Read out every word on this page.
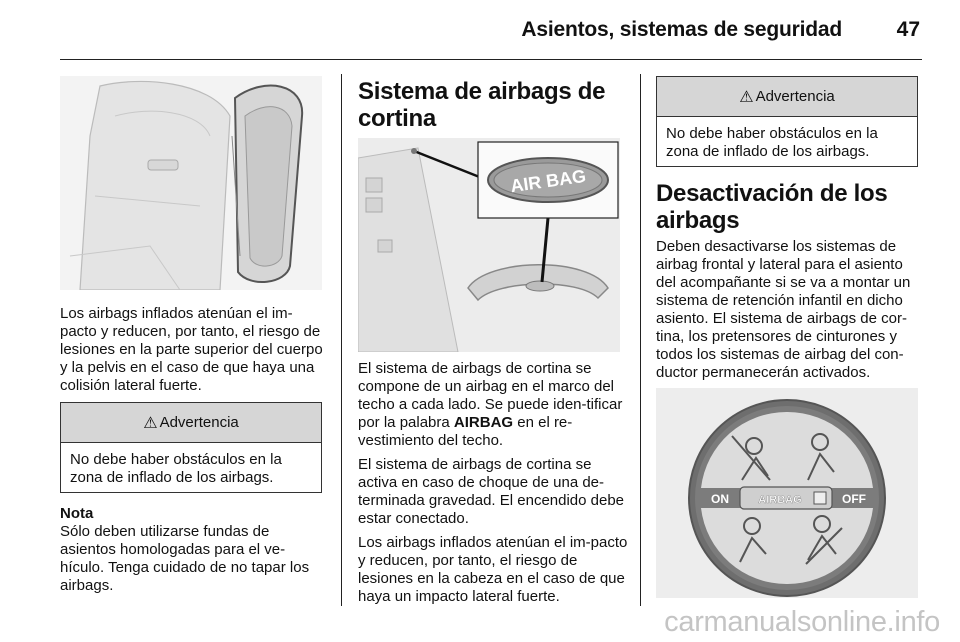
Asientos, sistemas de seguridad	47

Los airbags inflados atenúan el im-pacto y reducen, por tanto, el riesgo de lesiones en la parte superior del cuerpo y la pelvis en el caso de que haya una colisión lateral fuerte.

⚠ Advertencia
No debe haber obstáculos en la zona de inflado de los airbags.
Nota
Sólo deben utilizarse fundas de asientos homologadas para el ve-hículo. Tenga cuidado de no tapar los airbags.
Sistema de airbags de cortina
AIR BAG

El sistema de airbags de cortina se compone de un airbag en el marco del techo a cada lado. Se puede iden-tificar por la palabra AIRBAG en el re-vestimiento del techo.

El sistema de airbags de cortina se activa en caso de choque de una de-terminada gravedad. El encendido debe estar conectado.

Los airbags inflados atenúan el im-pacto y reducen, por tanto, el riesgo de lesiones en la cabeza en el caso de que haya un impacto lateral fuerte.

⚠ Advertencia
No debe haber obstáculos en la zona de inflado de los airbags.
Desactivación de los airbags

Deben desactivarse los sistemas de airbag frontal y lateral para el asiento del acompañante si se va a montar un sistema de retención infantil en dicho asiento. El sistema de airbags de cor-tina, los pretensores de cinturones y todos los sistemas de airbag del con-ductor permanecerán activados.

ON	AIRBAG	OFF
carmanualsonline.info
